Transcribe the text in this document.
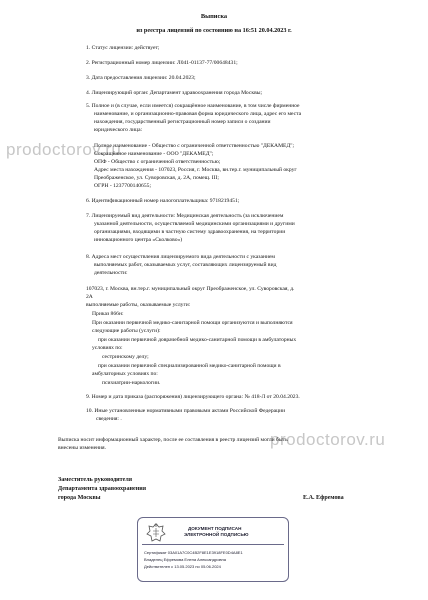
prodoctorov.ru
prodoctorov.ru
Выписка
из реестра лицензий по состоянию на 16:51 20.04.2023 г.
1. Статус лицензии: действует;
2. Регистрационный номер лицензии: Л041-01137-77/00648431;
3. Дата предоставления лицензии: 20.04.2023;
4. Лицензирующий орган: Департамент здравоохранения города Москвы;
5. Полное и (в случае, если имеется) сокращённое наименование, в том числе фирменное
наименование, и организационно-правовая форма юридического лица, адрес его места
нахождения, государственный регистрационный номер записи о создании
юридического лица:
Полное наименование - Общество с ограниченной ответственностью "ДЕКАМЕД";
Сокращённое наименование - ООО "ДЕКАМЕД";
ОПФ - Общество с ограниченной ответственностью;
Адрес места нахождения - 107023, Россия, г. Москва, вн.тер.г. муниципальный округ
Преображенское, ул. Суворовская, д. 2А, помещ. III;
ОГРН - 1237700140655;
6. Идентификационный номер налогоплательщика: 9718219451;
7. Лицензируемый вид деятельности: Медицинская деятельность (за исключением
указанной деятельности, осуществляемой медицинскими организациями и другими
организациями, входящими в частную систему здравоохранения, на территории
инновационного центра «Сколково»)
8. Адреса мест осуществления лицензируемого вида деятельности с указанием
выполняемых работ, оказываемых услуг, составляющих лицензируемый вид
деятельности:
107023, г. Москва, вн.тер.г. муниципальный округ Преображенское, ул. Суворовская, д.
2А
выполняемые работы, оказываемые услуги:
Приказ 866н:
При оказании первичной медико-санитарной помощи организуются и выполняются
следующие работы (услуги):
при оказании первичной доврачебной медико-санитарной помощи в амбулаторных
условиях по:
сестринскому делу;
при оказании первичной специализированной медико-санитарной помощи в
амбулаторных условиях по:
психиатрии-наркологии.
9. Номер и дата приказа (распоряжения) лицензирующего органа: № 418-Л от 20.04.2023.
10. Иные установленные нормативными правовыми актами Российской Федерации
сведения: .
Выписка носит информационный характер, после ее составления в реестр лицензий могли быть
внесены изменения.
Заместитель руководителя
Департамента здравоохранения
города Москвы	Е.А. Ефремова
ДОКУМЕНТ ПОДПИСАН
ЭЛЕКТРОННОЙ ПОДПИСЬЮ
Сертификат 03A01A7C0C4B2F8E1E3918FE0D4A8E1
Владелец Ефремова Елена Александровна
Действителен с 13.05.2023 по 05.06.2024
